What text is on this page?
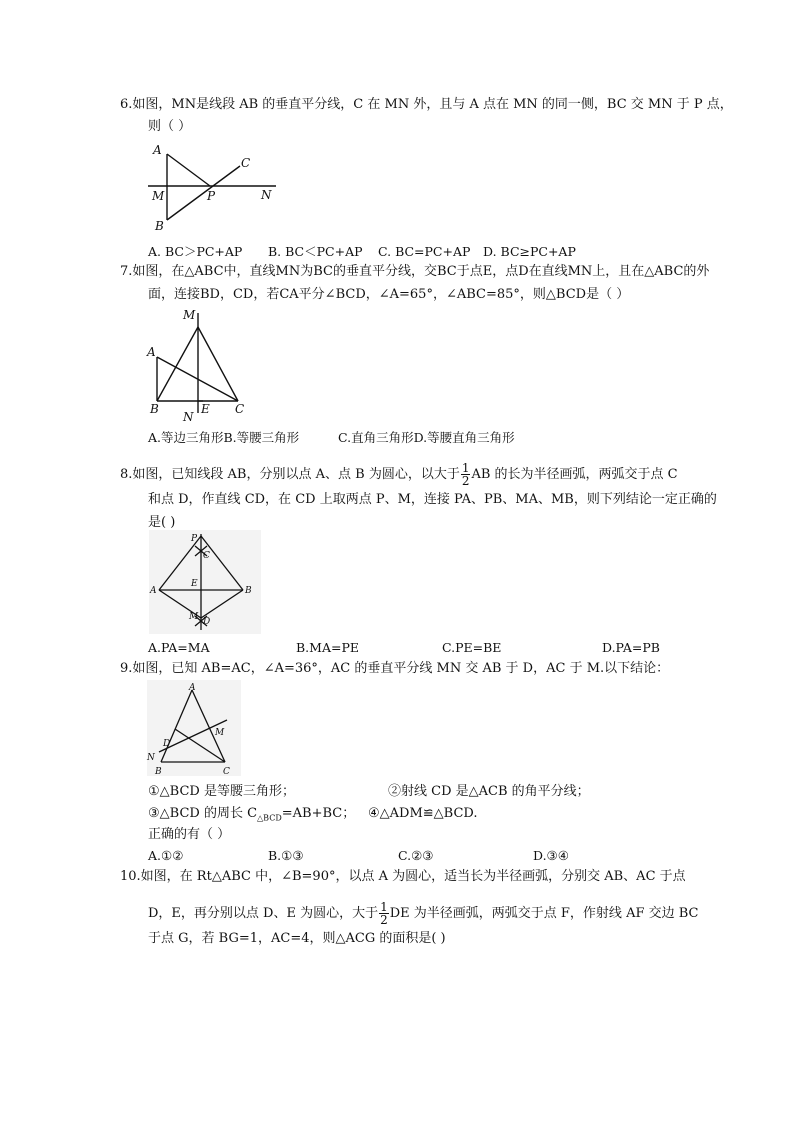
6.如图，MN是线段 AB 的垂直平分线，C 在 MN 外，且与 A 点在 MN 的同一侧，BC 交 MN 于 P 点，
则（ ）
A
C
M	P	N
B
A. BC＞PC+AP B. BC＜PC+AP C. BC=PC+AP D. BC≥PC+AP
7.如图，在△ABC中，直线MN为BC的垂直平分线，交BC于点E，点D在直线MN上，且在△ABC的外
面，连接BD，CD，若CA平分∠BCD，∠A=65°，∠ABC=85°，则△BCD是（ ）
M
A
B
N
E C
A.等边三角形B.等腰三角形	C.直角三角形D.等腰直角三角形
8.如图，已知线段 AB，分别以点 A、点 B 为圆心，以大于 $\frac{1}{2}$ AB 的长为半径画弧，两弧交于点 C
和点 D，作直线 CD，在 CD 上取两点 P、M，连接 PA、PB、MA、MB，则下列结论一定正确的
是( )
P
C
A
E
B
M D
A.PA=MA	B.MA=PE	C.PE=BE	D.PA=PB
9.如图，已知 AB=AC，∠A=36°，AC 的垂直平分线 MN 交 AB 于 D，AC 于 M.以下结论：
A
D
M
N
B	C
①△BCD 是等腰三角形；	②射线 CD 是△ACB 的角平分线；
③△BCD 的周长 $C_{\triangle BCD}=AB+BC$； ④△ADM≌△BCD.
正确的有（ ）
A.①②	B.①③	C.②③	D.③④
10.如图，在 Rt△ABC 中，∠B=90°，以点 A 为圆心，适当长为半径画弧，分别交 AB、AC 于点
D，E，再分别以点 D、E 为圆心，大于 $\frac{1}{2}$ DE 为半径画弧，两弧交于点 F，作射线 AF 交边 BC
于点 G，若 BG=1，AC=4，则△ACG 的面积是( )
